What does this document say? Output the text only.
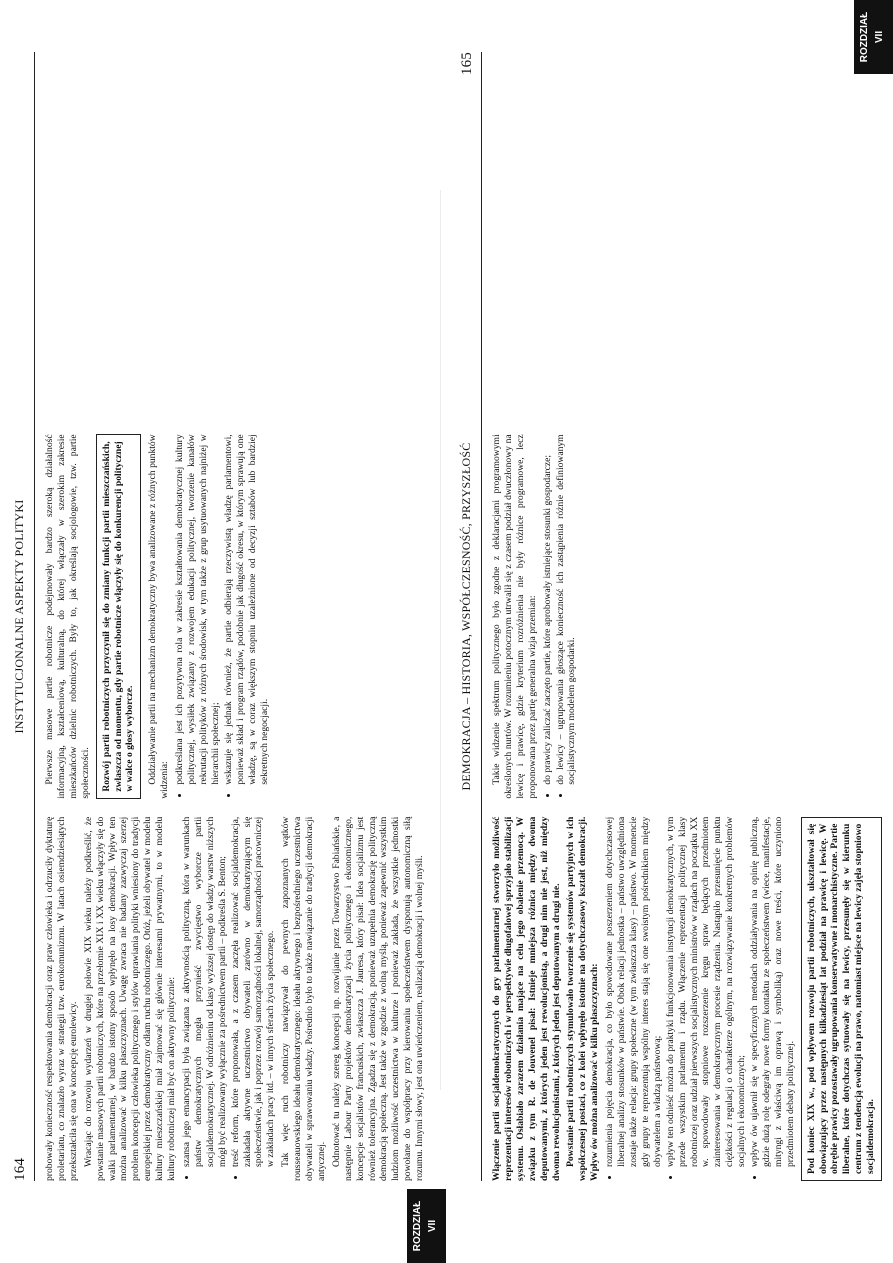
ROZDZIAŁ VII
164
INSTYTUCJONALNE ASPEKTY POLITYKI

probowały konieczność respektowania demokracji oraz praw człowieka i odrzuciły dyktaturę proletariatu, co znalazło wyraz w strategii tzw. eurokomunizmu. W latach osiemdziesiątych przekształciła się ona w koncepcję eurolewicy. Wracając do rozwoju wydarzeń w drugiej połowie XIX wieku należy podkreślić, że powstanie masowych partii robotniczych, które na przełomie XIX i XX wieku włączyły się do walki parlamentarnej, w bardzo istotny sposób wpłynęło na losy demokracji. Wpływ ten można analizować w kilku płaszczyznach. Uwagę zwraca nie badany zazwyczaj szerzej problem koncepcji człowieka politycznego i stylów uprawiania polityki wniesiony do tradycji europejskiej przez demokratyczny odłam ruchu robotniczego. Otóż, jeżeli obywatel w modelu kultury mieszczańskiej miał zajmować się głównie interesami prywatnymi, to w modelu kultury robotniczej miał być on aktywny politycznie: • szansa jego emancypacji była związana z aktywnością polityczną, która w warunkach państw demokratycznych mogła przynieść zwycięstwo wyborcze partii socjaldemokratycznej. W odróżnieniu od klasy wyższej dostęp do władzy warstw niższych mógł być realizowany wyłącznie za pośrednictwem partii – podkreśla S. Benton; • treść reform, które proponowała, a z czasem zaczęła realizować socjaldemokracja, zakładała aktywne uczestnictwo obywateli zarówno w demokratyzującym się społeczeństwie, jak i poprzez rozwój samorządności lokalnej, samorządności pracowniczej w zakładach pracy itd. – w innych sferach życia społecznego. Tak więc ruch robotniczy nawiązywał do pewnych zapoznanych wątków rousseauowskiego ideału demokratycznego: ideału aktywnego i bezpośredniego uczestnictwa obywateli w sprawowaniu władzy. Pośrednio było to także nawiązanie do tradycji demokracji antycznej. Odnotować tu należy szereg koncepcji np. rozwijanie przez Towarzystwo Fabiańskie, a następnie Labour Party projektów demokratyzacji życia politycznego i ekonomicznego, koncepcje socjalistów francuskich, zwłaszcza J. Jauresa, który pisał: Idea socjalizmu jest również tolerancyjna. Zgadza się z demokracją, ponieważ uzupełnia demokrację polityczną demokracją społeczną. Jest także w zgodzie z wolną myślą, ponieważ zapewnić wszystkim ludziom możliwość uczestnictwa w kulturze i ponieważ zakłada, że wszystkie jednostki powołane do współpracy przy kierowaniu społeczeństwem dysponują autonomiczną siłą rozumu. Innymi słowy, jest ona uwieńczeniem, realizacją demokracji i wolnej myśli.

Pierwsze masowe partie robotnicze podejmowały bardzo szeroką działalność informacyjną, kształceniową, kulturalną, do której włączały w szerokim zakresie mieszkańców dzielnic robotniczych. Były to, jak określają socjologowie, tzw. partie społeczności.	Rozwój partii robotniczych przyczynił się do zmiany funkcji partii mieszczańskich, zwłaszcza od momentu, gdy partie robotnicze włączyły się do konkurencji politycznej w walce o głosy wyborcze.	Oddziaływanie partii na mechanizm demokratyczny bywa analizowane z różnych punktów widzenia: • podkreślana jest ich pozytywna rola w zakresie kształtowania demokratycznej kultury politycznej, wysiłek związany z rozwojem edukacji politycznej, tworzenie kanałów rekrutacji polityków z różnych środowisk, w tym także z grup usytuowanych najniżej w hierarchii społecznej; • wskazuje się jednak również, że partie odbierają rzeczywistą władzę parlamentowi, ponieważ skład i program rządów, podobnie jak długość okresu, w którym sprawują one władzę, są w coraz większym stopniu uzależnione od decyzji sztabów lub bardziej sekretnych negocjacji.
ROZDZIAŁ VII
DEMOKRACJA – HISTORIA, WSPÓŁCZESNOŚĆ, PRZYSZŁOŚĆ
165

Włączenie partii socjaldemokratycznych do gry parlamentarnej stworzyło możliwość reprezentacji interesów robotniczych i w perspektywie długofalowej sprzyjało stabilizacji systemu. Osłabiało zarazem działania mające na celu jego obalenie przemocą. W związku z tym R. de Jouvenel pisał: Istnieje mniejsza różnica między dwoma deputowanymi, z których jeden jest rewolucjonistą, a drugi nim nie jest, niż między dwoma rewolucjonistami, z których jeden jest deputowanym a drugi nie. Powstanie partii robotniczych stymulowało tworzenie się systemów partyjnych w ich współczesnej postaci, co z kolei wpłynęło istotnie na dotychczasowy kształt demokracji. Wpływ ów można analizować w kilku płaszczyznach: • rozumienia pojęcia demokracja, co było spowodowane poszerzeniem dotychczasowej liberalnej analizy stosunków w państwie. Obok relacji jednostka – państwo uwzględniona zostaje także relacja: grupy społeczne (w tym zwłaszcza klasy) – państwo. W momencie gdy grupy te reprezentują wspólny interes stają się one swoistym pośrednikiem między obywatelem a władzą państwową; • wpływ ten odnieść można do praktyki funkcjonowania instytucji demokratycznych, w tym przede wszystkim parlamentu i rządu. Włączenie reprezentacji politycznej klasy robotniczej oraz udział pierwszych socjalistycznych ministrów w rządach na początku XX w. spowodowały stopniowe rozszerzenie kręgu spraw będących przedmiotem zainteresowania w demokratycznym procesie rządzenia. Nastąpiło przesunięcie punktu ciężkości z regulacji o charakterze ogólnym, na rozwiązywanie konkretnych problemów socjalnych i ekonomicznych; • wpływ ów ujawnił się w specyficznych metodach oddziaływania na opinię publiczną, gdzie dużą rolę odegrały nowe formy kontaktu ze społeczeństwem (wiece, manifestacje, mityngi z właściwą im oprawą i symboliką) oraz nowe treści, które uczyniono przedmiotem debaty politycznej.	Pod koniec XIX w., pod wpływem rozwoju partii robotniczych, ukształtował się obowiązujący przez następnych kilkadziesiąt lat podział na prawicę i lewicę. W obrębie prawicy pozostawały ugrupowania konserwatywne i monarchistyczne. Partie liberalne, które dotychczas sytuowały się na lewicy, przesunęły się w kierunku centrum z tendencją ewolucji na prawo, natomiast miejsce na lewicy zajęła stopniowo socjaldemokracja.

Takie widzenie spektrum politycznego było zgodne z deklaracjami programowymi określonych nurtów. W rozumieniu potocznym utrwalił się z czasem podział dwuczłonowy na lewicę i prawicę, gdzie kryterium rozróżnienia nie były różnice programowe, lecz proponowana przez partię generalna wizja przemian: • do prawicy zaliczać zaczęto partie, które aprobowały istniejące stosunki gospodarcze; • do lewicy – ugrupowania głoszące konieczność ich zastąpienia różnie definiowanym socjalistycznym modelem gospodarki.
